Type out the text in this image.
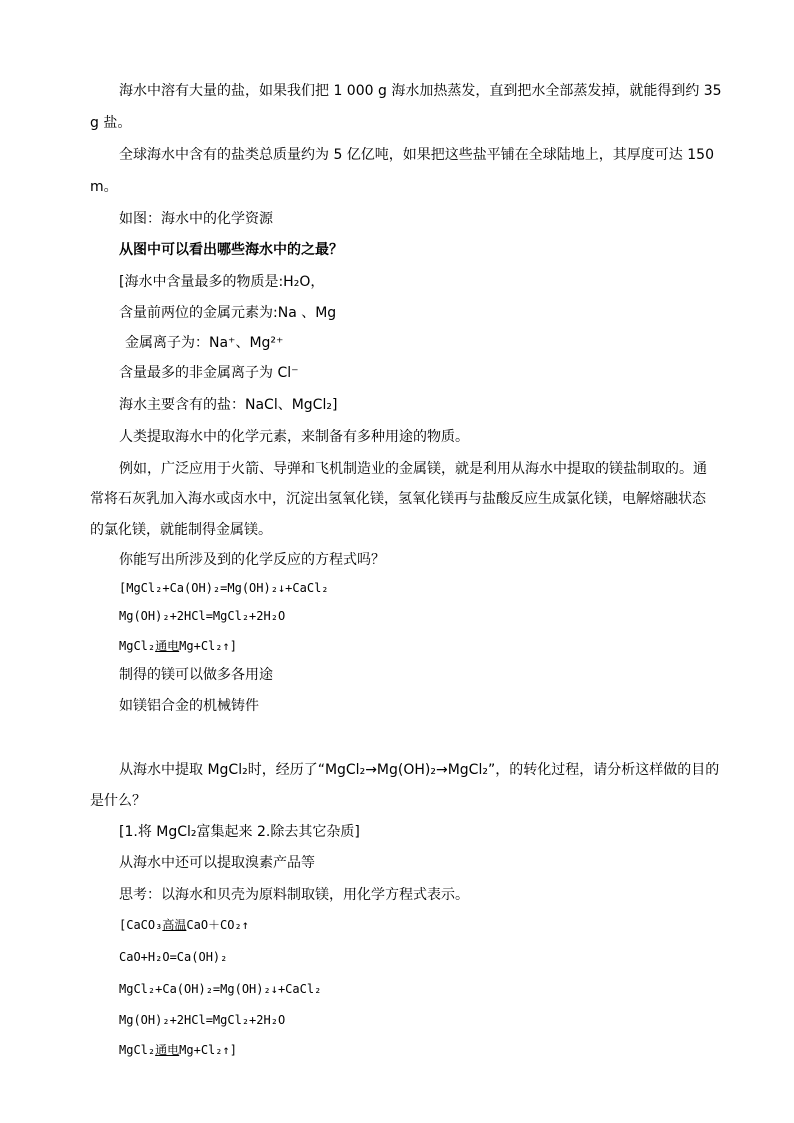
海水中溶有大量的盐，如果我们把 1 000 g 海水加热蒸发，直到把水全部蒸发掉，就能得到约 35
g 盐。
全球海水中含有的盐类总质量约为 5 亿亿吨，如果把这些盐平铺在全球陆地上，其厚度可达 150
m。
如图：海水中的化学资源
从图中可以看出哪些海水中的之最？
[海水中含量最多的物质是:H₂O，
含量前两位的金属元素为:Na 、Mg
金属离子为：Na⁺、Mg²⁺
含量最多的非金属离子为 Cl⁻
海水主要含有的盐：NaCl、MgCl₂]
人类提取海水中的化学元素，来制备有多种用途的物质。
例如，广泛应用于火箭、导弹和飞机制造业的金属镁，就是利用从海水中提取的镁盐制取的。通
常将石灰乳加入海水或卤水中，沉淀出氢氧化镁，氢氧化镁再与盐酸反应生成氯化镁，电解熔融状态
的氯化镁，就能制得金属镁。
你能写出所涉及到的化学反应的方程式吗？
[MgCl₂+Ca(OH)₂=Mg(OH)₂↓+CaCl₂
Mg(OH)₂+2HCl=MgCl₂+2H₂O
MgCl₂通电Mg+Cl₂↑]
制得的镁可以做多各用途
如镁铝合金的机械铸件
从海水中提取 MgCl₂时，经历了“MgCl₂→Mg(OH)₂→MgCl₂”，的转化过程，请分析这样做的目的
是什么？
[1.将 MgCl₂富集起来 2.除去其它杂质]
从海水中还可以提取溴素产品等
思考：以海水和贝壳为原料制取镁，用化学方程式表示。
[CaCO₃高温CaO＋CO₂↑
CaO+H₂O=Ca(OH)₂
MgCl₂+Ca(OH)₂=Mg(OH)₂↓+CaCl₂
Mg(OH)₂+2HCl=MgCl₂+2H₂O
MgCl₂通电Mg+Cl₂↑]
